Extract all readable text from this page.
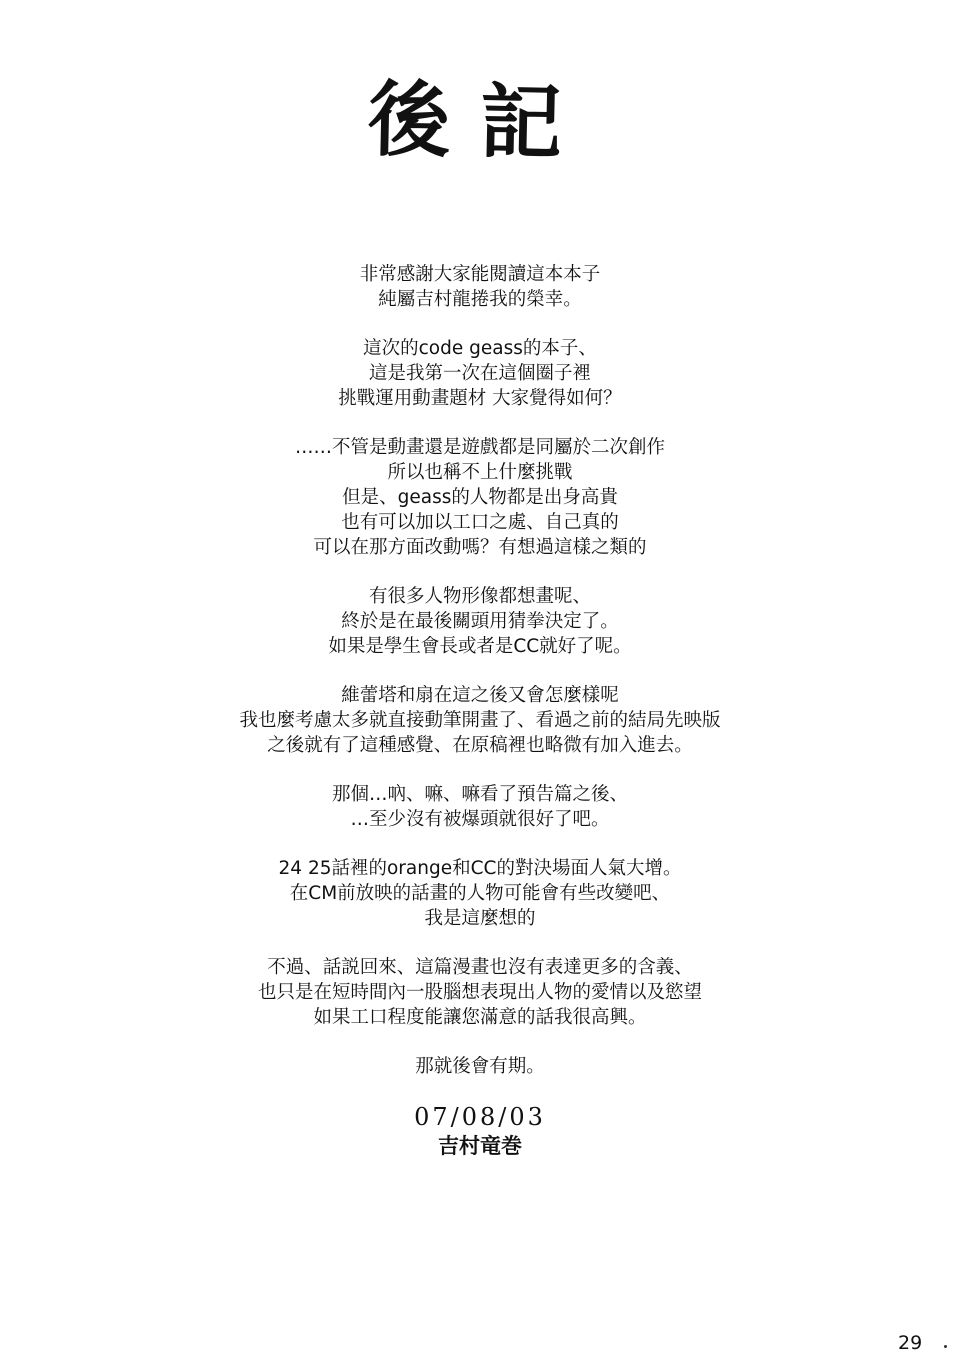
後記
非常感謝大家能閱讀這本本子
純屬吉村龍捲我的榮幸。
這次的code geass的本子、
這是我第一次在這個圈子裡
挑戰運用動畫題材 大家覺得如何？
……不管是動畫還是遊戲都是同屬於二次創作
所以也稱不上什麼挑戰
但是、geass的人物都是出身高貴
也有可以加以工口之處、自己真的
可以在那方面改動嗎？有想過這樣之類的
有很多人物形像都想畫呢、
終於是在最後關頭用猜拳決定了。
如果是學生會長或者是CC就好了呢。
維蕾塔和扇在這之後又會怎麼樣呢
我也麼考慮太多就直接動筆開畫了、看過之前的結局先映版
之後就有了這種感覺、在原稿裡也略微有加入進去。
那個…吶、嘛、嘛看了預告篇之後、
…至少沒有被爆頭就很好了吧。
24 25話裡的orange和CC的對決場面人氣大增。
在CM前放映的話畫的人物可能會有些改變吧、
我是這麼想的
不過、話説回來、這篇漫畫也沒有表達更多的含義、
也只是在短時間內一股腦想表現出人物的愛情以及慾望
如果工口程度能讓您滿意的話我很高興。
那就後會有期。
07/08/03
吉村竜巻
29
